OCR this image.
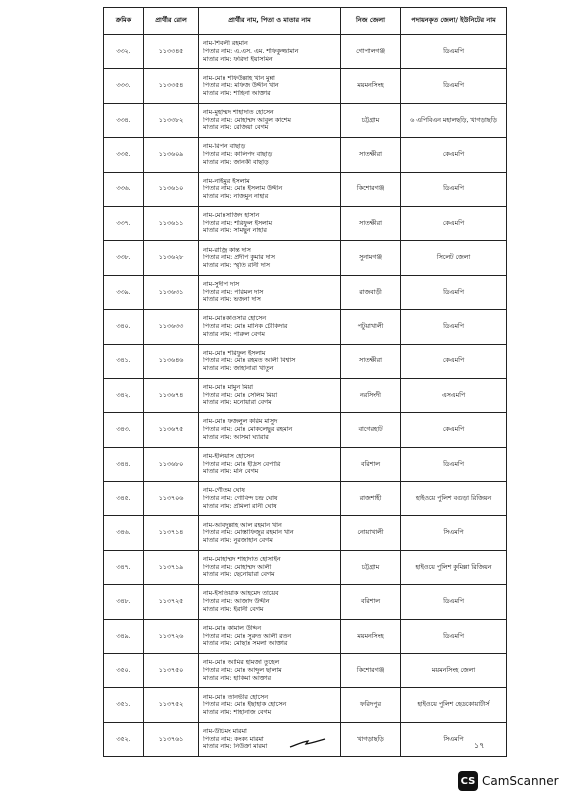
ক্রমিক	প্রার্থীর রোল	প্রার্থীর নাম, পিতা ও মাতার নাম	নিজ জেলা	পদায়নকৃত জেলা/ ইউনিটের নাম
৩৩২.	১১৩৩৪৫	নাম-শিবলী রহমান
পিতার নাম: এ.এস. এম. শফিকুজ্জামান
মাতার নাম: ফরিদা ইয়াসমিন	গোপালগঞ্জ	ডিএমপি
৩৩৩.	১১৩৩৫৪	নাম-মোঃ শফিউল্লাহ খান মুন্না
পিতার নাম: মফিজ উদ্দীন খান
মাতার নাম: শাহিনা আক্তার	ময়মনসিংহ	ডিএমপি
৩৩৪.	১১৩৩৮২	নাম-মুহাম্মদ শাহাদাত হোসেন
পিতার নাম: মোহাম্মদ আবুল কাশেম
মাতার নাম: রেজিয়া বেগম	চট্টগ্রাম	৬ এপিবিএন মহালছড়ি, খাগড়াছড়ি
৩৩৫.	১১৩৬০৯	নাম-রিপন বাছাড়
পিতার নাম: কালিপদ বাছাড়
মাতার নাম: জানকী বাছাড়	সাতক্ষীরা	কেএমপি
৩৩৬.	১১৩৬১০	নাম-নাইমুর ইসলাম
পিতার নাম: মোঃ ইসলাম উদ্দীন
মাতার নাম: নাজমুন নাহার	কিশোরগঞ্জ	ডিএমপি
৩৩৭.	১১৩৬১১	নাম-মোঃসাজিদ হাসান
পিতার নাম: শরিফুল ইসলাম
মাতার নাম: সামছুন নাহার	সাতক্ষীরা	কেএমপি
৩৩৮.	১১৩৬২৮	নাম-রাজ্রি কান্ত দাস
পিতার নাম: প্রদীপ কুমার দাস
মাতার নাম: স্মৃতি রানী দাস	সুনামগঞ্জ	সিলেট জেলা
৩৩৯.	১১৩৬৩১	নাম-সুদীপ দাস
পিতার নাম: পরিমল দাস
মাতার নাম: ভজনা দাস	রাজবাড়ী	ডিএমপি
৩৪০.	১১৩৬৩৩	নাম-মোঃকাওসার হোসেন
পিতার নাম: মোঃ মানিক চৌকিদার
মাতার নাম: পারুল বেগম	পটুয়াখালী	ডিএমপি
৩৪১.	১১৩৬৪৬	নাম-মোঃ শরিফুল ইসলাম
পিতার নাম: মোঃ রহমত আলী বিশ্বাস
মাতার নাম: জাহানারা খাতুন	সাতক্ষীরা	কেএমপি
৩৪২.	১১৩৬৭৪	নাম-মোঃ মামুন মিয়া
পিতার নাম: মোঃ সেলিম মিয়া
মাতার নাম: মনোয়ারা বেগম	নরসিংদী	এসএমপি
৩৪৩.	১১৩৬৭৫	নাম-মোঃ ফজলুল করিম মাসুদ
পিতার নাম: মোঃ মোকলেছুর রহমান
মাতার নাম: আসমা ঘ্যারার	বাগেরহাট	কেএমপি
৩৪৪.	১১৩৬৮০	নাম-ইলিয়াস হোসেন
পিতার নাম: মোঃ ইদ্রিস বেপারি
মাতার নাম: মনি বেগম	বরিশাল	ডিএমপি
৩৪৫.	১১৩৭০৬	নাম-গৌতম ঘোষ
পিতার নাম: গোবিন্দ চন্দ্র ঘোষ
মাতার নাম: প্রমিলা রানী ঘোষ	রাজশাহী	হাইওয়ে পুলিশ বগুড়া রিজিয়ন
৩৪৬.	১১৩৭১৪	নাম-আবদুল্লাহ আল রহমান খান
পিতার নাম: মোস্তাফিজুর রহমান খান
মাতার নাম: নুরজাহান বেগম	নোয়াখালী	সিএমপি
৩৪৭.	১১৩৭১৯	নাম-মোহাম্মদ শাহাদাত হোসাইন
পিতার নাম: মোহাম্মদ আলী
মাতার নাম: ছেনোয়ারা বেগম	চট্টগ্রাম	হাইওয়ে পুলিশ কুমিল্লা রিজিয়ন
৩৪৮.	১১৩৭২৫	নাম-ইসতিয়াক আহমেদ তায়েব
পিতার নাম: আজাদ উদ্দীন
মাতার নাম: ইরানী বেগম	বরিশাল	ডিএমপি
৩৪৯.	১১৩৭২৬	নাম-মোঃ কামাল উদ্দিন
পিতার নাম: মোঃ সুরুত আলী রতন
মাতার নাম: মোছাঃ সমলা আক্তার	ময়মনসিংহ	ডিএমপি
৩৫০.	১১৩৭৫০	নাম-মোঃ আমির হামজা তুহেল
পিতার নাম: মোঃ আব্দুল ছালাম
মাতার নাম: হাকিমা আক্তার	কিশোরগঞ্জ	ময়মনসিংহ জেলা
৩৫১.	১১৩৭৫২	নাম-মোঃ তানভীর হোসেন
পিতার নাম: মোঃ ইছাহাক হোসেন
মাতার নাম: শাহানাজ বেগম	ফরিদপুর	হাইওয়ে পুলিশ হেডকোয়ার্টার্স
৩৫২.	১১৩৭৬১	নাম-উচিমং মারমা
পিতার নাম: কংক্য মারমা
মাতার নাম: নিউক্রা মারমা	খাগড়াছড়ি	সিএমপি
১৭
CS CamScanner
